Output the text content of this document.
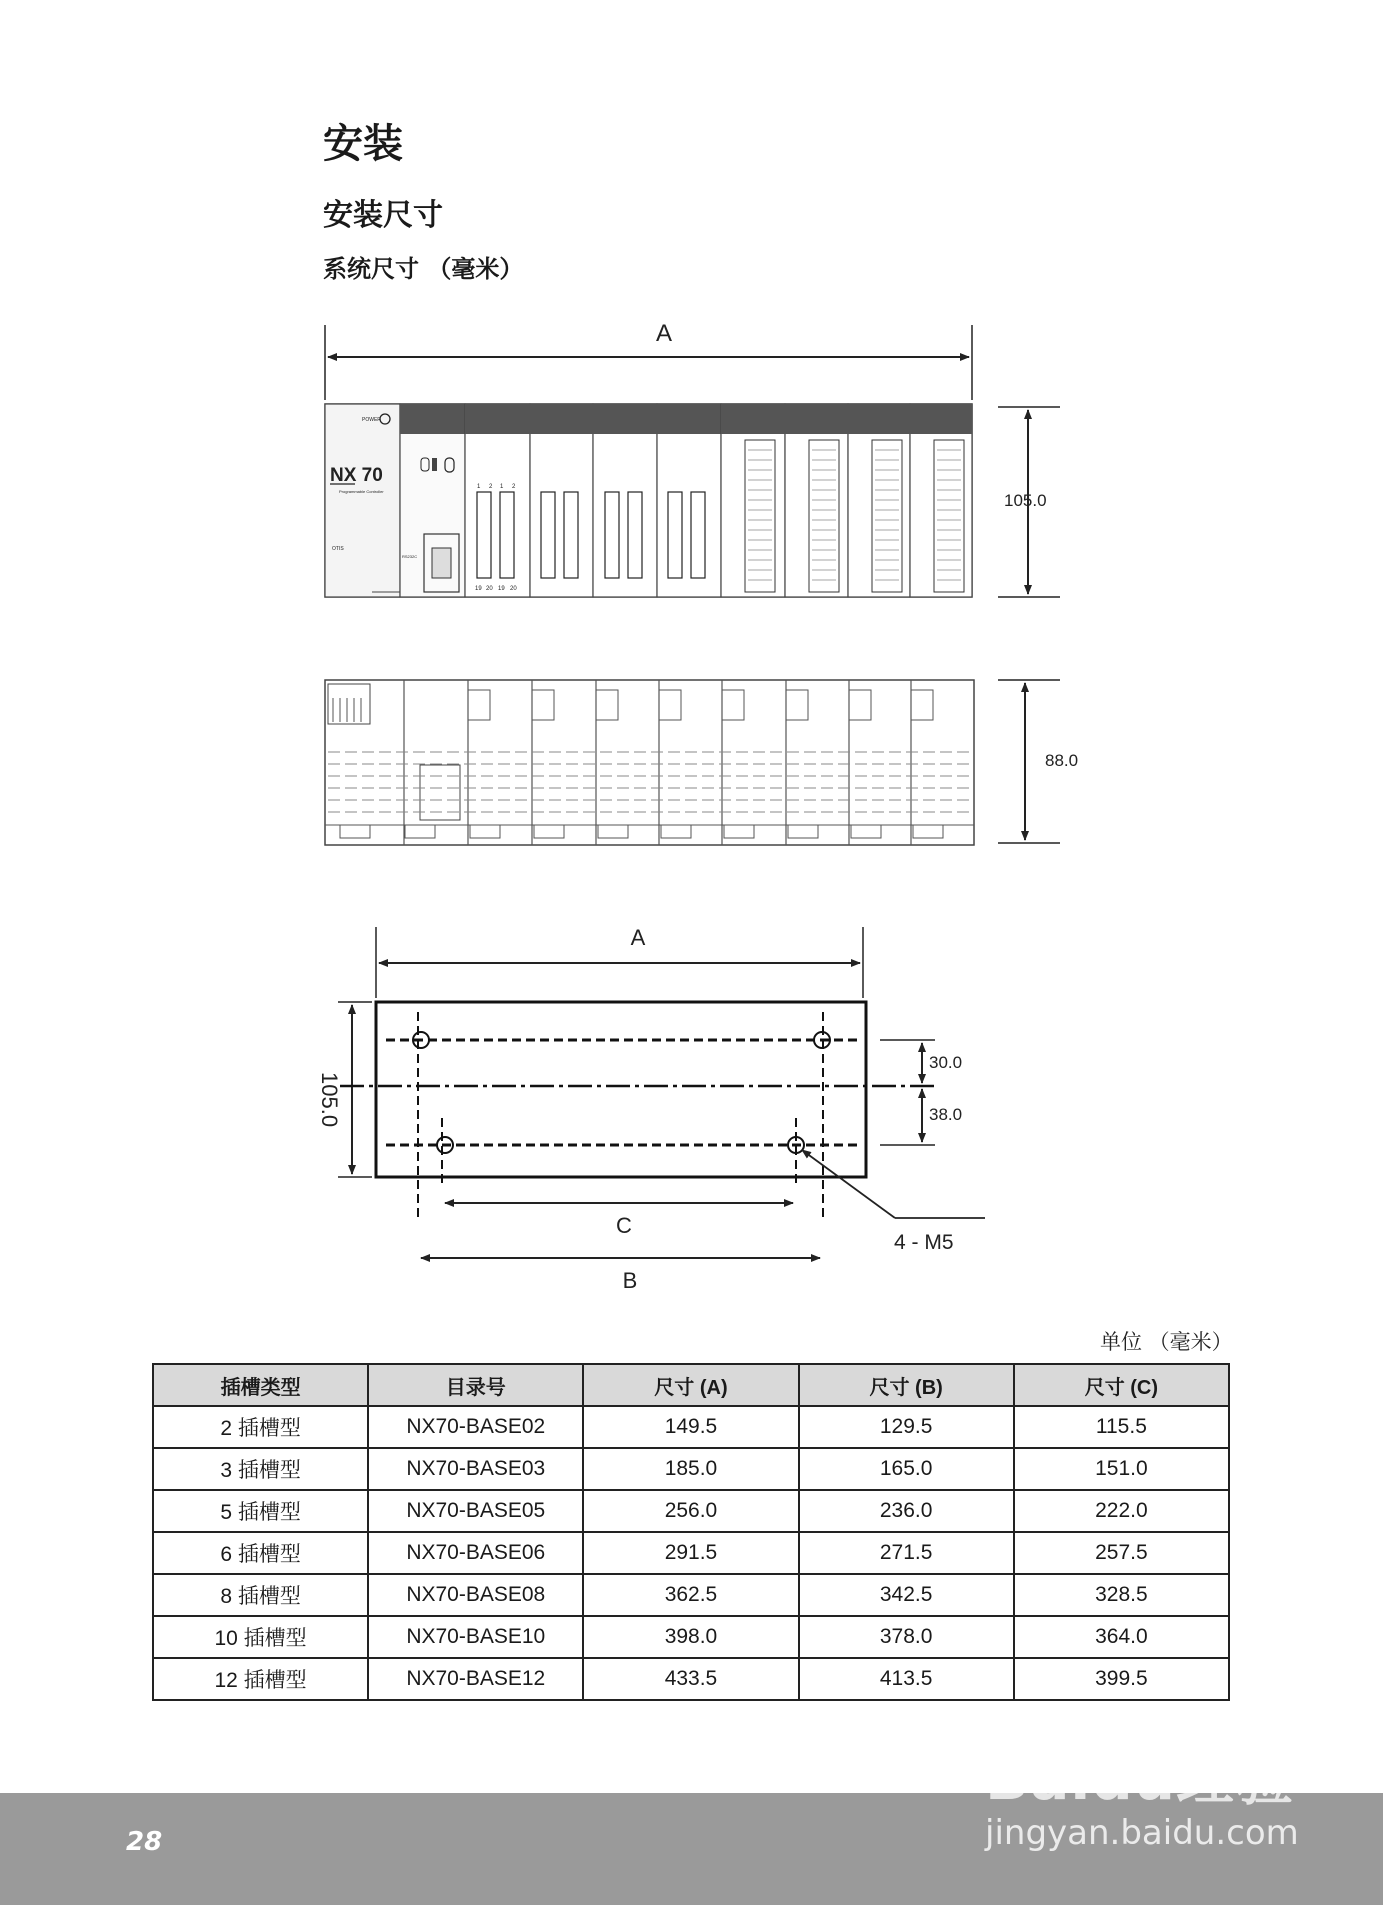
安装
安装尺寸
系统尺寸 （毫米）
A
POWER
NX 70
Programmable Controller
OTIS
RS232C
1 2 1 2
19 20 19 20
105.0
88.0
A
105.0
30.0
38.0
C
B
4 - M5
单位 （毫米）
插槽类型	目录号	尺寸 (A)	尺寸 (B)	尺寸 (C)
2 插槽型	NX70-BASE02	149.5	129.5	115.5
3 插槽型	NX70-BASE03	185.0	165.0	151.0
5 插槽型	NX70-BASE05	256.0	236.0	222.0
6 插槽型	NX70-BASE06	291.5	271.5	257.5
8 插槽型	NX70-BASE08	362.5	342.5	328.5
10 插槽型	NX70-BASE10	398.0	378.0	364.0
12 插槽型	NX70-BASE12	433.5	413.5	399.5
28
Baidu经验
jingyan.baidu.com
